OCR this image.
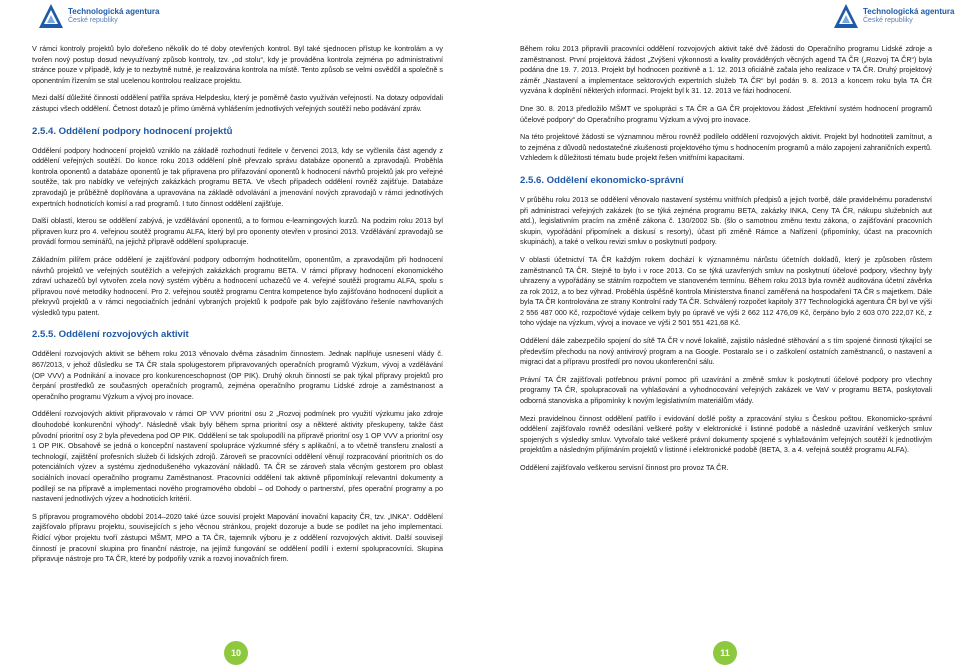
Technologická agentura
České republiky
Technologická agentura
České republiky

V rámci kontroly projektů bylo dořešeno několik do té doby otevřených kontrol. Byl také sjednocen přístup ke kontrolám a vy tvořen nový postup dosud nevyužívaný způsob kontroly, tzv. „od stolu“, kdy je prováděna kontrola zejména po administrativní stránce pouze v případě, kdy je to nezbytně nutné, je realizována kontrola na místě. Tento způsob se velmi osvědčil a společně s oponentním řízením se stal ucelenou kontrolou realizace projektu.

Mezi další důležité činnosti oddělení patřila správa Helpdesku, který je poměrně často využíván veřejností. Na dotazy odpovídali zástupci všech oddělení. Četnost dotazů je přímo úměrná vyhlášením jednotlivých veřejných soutěží nebo podávání zpráv.

2.5.4. Oddělení podpory hodnocení projektů

Oddělení podpory hodnocení projektů vzniklo na základě rozhodnutí ředitele v červenci 2013, kdy se vyčlenila část agendy z oddělení veřejných soutěží. Do konce roku 2013 oddělení plně převzalo správu databáze oponentů a zpravodajů. Proběhla kontrola oponentů a databáze oponentů je tak připravena pro přiřazování oponentů k hodnocení návrhů projektů jak pro veřejné soutěže, tak pro nabídky ve veřejných zakázkách programu BETA. Ve všech případech oddělení rovněž zajišťuje. Databáze zpravodajů je průběžně doplňována a upravována na základě odvolávání a jmenování nových zpravodajů v rámci jednotlivých expertních hodnoticích komisí a rad programů. I tuto činnost oddělení zajišťuje.

Další oblastí, kterou se oddělení zabývá, je vzdělávání oponentů, a to formou e-learningových kurzů. Na podzim roku 2013 byl připraven kurz pro 4. veřejnou soutěž programu ALFA, který byl pro oponenty otevřen v prosinci 2013. Vzdělávání zpravodajů se provádí formou seminářů, na jejichž přípravě oddělení spolupracuje.

Základním pilířem práce oddělení je zajišťování podpory odborným hodnotitelům, oponentům, a zpravodajům při hodnocení návrhů projektů ve veřejných soutěžích a veřejných zakázkách programu BETA. V rámci přípravy hodnocení ekonomického zdraví uchazečů byl vytvořen zcela nový systém výběru a hodnocení uchazečů ve 4. veřejné soutěži programu ALFA, spolu s přípravou nové metodiky hodnocení. Pro 2. veřejnou soutěž programu Centra kompetence bylo zajišťováno hodnocení duplicit a překryvů projektů a v rámci negociačních jednání vybraných projektů k podpoře pak bylo zajišťováno řešeníe navrhovaných výsledků typu patent.

2.5.5. Oddělení rozvojových aktivit

Oddělení rozvojových aktivit se během roku 2013 věnovalo dvěma zásadním činnostem. Jednak naplňuje usnesení vlády č. 867/2013, v jehož důsledku se TA ČR stala spolugestorem připravovaných operačních programů Výzkum, vývoj a vzdělávání (OP VVV) a Podnikání a inovace pro konkurenceschopnost (OP PIK). Druhý okruh činností se pak týkal přípravy projektů pro čerpání prostředků ze současných operačních programů, zejména operačního programu Lidské zdroje a zaměstnanost a operačního programu Výzkum a vývoj pro inovace.

Oddělení rozvojových aktivit připravovalo v rámci OP VVV prioritní osu 2 „Rozvoj podmínek pro využití výzkumu jako zdroje dlouhodobé konkurenční výhody“. Následně však byly během sprna prioritní osy a některé aktivity přeskupeny, takže část původní prioritní osy 2 byla převedena pod OP PIK. Oddělení se tak spolupodílí na přípravě prioritní osy 1 OP VVV a prioritní osy 1 OP PIK. Obsahově se jedná o koncepční nastavení spolupráce výzkumné sféry s aplikační, a to včetně transferu znalostí a technologií, zajištění profesních služeb či lidských zdrojů. Zároveň se pracovníci oddělení věnují rozpracování prioritních os do potenciálních výzev a systému zjednodušeného vykazování nákladů. TA ČR se zároveň stala věcným gestorem pro oblast sociálních inovací operačního programu Zaměstnanost. Pracovníci oddělení tak aktivně připomínkují relevantní dokumenty a podílejí se na přípravě a implementaci nového programového období – od Dohody o partnerství, přes operační programy a po nastavení jednotlivých výzev a hodnoticích kritérií.

S přípravou programového období 2014–2020 také úzce souvisí projekt Mapování inovační kapacity ČR, tzv. „INKA“. Oddělení zajišťovalo přípravu projektu, souvisejících s jeho věcnou stránkou, projekt dozoruje a bude se podílet na jeho implementaci. Řídící výbor projektu tvoří zástupci MŠMT, MPO a TA ČR, tajemník výboru je z oddělení rozvojových aktivit. Další souvisejí činností je pracovní skupina pro finanční nástroje, na jejímž fungování se oddělení podílí i externí spolupracovníci. Skupina připravuje nástroje pro TA ČR, které by podpořily vznik a rozvoj inovačních firem.

Během roku 2013 připravili pracovníci oddělení rozvojových aktivit také dvě žádosti do Operačního programu Lidské zdroje a zaměstnanost. První projektová žádost „Zvýšení výkonnosti a kvality prováděných věcných agend TA ČR („Rozvoj TA ČR“) byla podána dne 19. 7. 2013. Projekt byl hodnocen pozitivně a 1. 12. 2013 oficiálně začala jeho realizace v TA ČR. Druhý projektový záměr „Nastavení a implementace sektorových expertních služeb TA ČR“ byl podán 9. 8. 2013 a koncem roku byla TA ČR vyzvána k doplnění některých informací. Projekt byl k 31. 12. 2013 ve fázi hodnocení.

Dne 30. 8. 2013 předložilo MŠMT ve spolupráci s TA ČR a GA ČR projektovou žádost „Efektivní systém hodnocení programů účelové podpory“ do Operačního programu Výzkum a vývoj pro inovace.

Na této projektové žádosti se významnou měrou rovněž podílelo oddělení rozvojových aktivit. Projekt byl hodnotiteli zamítnut, a to zejména z důvodů nedostatečné zkušenosti projektového týmu s hodnocením programů a málo zapojení zahraničních expertů. Vzhledem k důležitosti tématu bude projekt řešen vnitřními kapacitami.

2.5.6. Oddělení ekonomicko-správní

V průběhu roku 2013 se oddělení věnovalo nastavení systému vnitřních předpisů a jejich tvorbě, dále pravidelnému poradenství při administraci veřejných zakázek (to se týká zejména programu BETA, zakázky INKA, Ceny TA ČR, nákupu služebních aut atd.), legislativním pracím na změně zákona č. 130/2002 Sb. (šlo o samotnou změnu textu zákona, o zajišťování pracovních skupin, vypořádání připomínek a diskusí s resorty), účast při změně Rámce a Nařízení (připomínky, účast na pracovních skupinách), a také o velkou revizi smluv o poskytnutí podpory.

V oblasti účetnictví TA ČR každým rokem dochází k významnému nárůstu účetních dokladů, který je způsoben růstem zaměstnanců TA ČR. Stejně to bylo i v roce 2013. Co se týká uzavřených smluv na poskytnutí účelové podpory, všechny byly uhrazeny a vypořádány se státním rozpočtem ve stanoveném termínu. Během roku 2013 byla rovněž auditována účetní závěrka za rok 2012, a to bez výhrad. Proběhla úspěšně kontrola Ministerstva financí zaměřená na hospodaření TA ČR s majetkem. Dále byla TA ČR kontrolována ze strany Kontrolní rady TA ČR. Schválený rozpočet kapitoly 377 Technologická agentura ČR byl ve výši 2 556 487 000 Kč, rozpočtové výdaje celkem byly po úpravě ve výši 2 662 112 476,09 Kč, čerpáno bylo 2 603 070 222,07 Kč, z toho výdaje na výzkum, vývoj a inovace ve výši 2 501 551 421,68 Kč.

Oddělení dále zabezpečilo spojení do sítě TA ČR v nové lokalitě, zajistilo následné stěhování a s tím spojené činnosti týkající se především přechodu na nový antivirový program a na Google. Postaralo se i o zaškolení ostatních zaměstnanců, o nastavení a migraci dat a přípravu prostředí pro novou ukonferenční sálu.

Právní TA ČR zajišťovali potřebnou právní pomoc při uzavírání a změně smluv k poskytnutí účelové podpory pro všechny programy TA ČR, spolupracovali na vyhlašování a vyhodnocování veřejných zakázek ve VaV v programu BETA, poskytovali odborná stanoviska a připomínky k novým legislativním materiálům vlády.

Mezi pravidelnou činnost oddělení patřilo i evidování došlé pošty a zpracování styku s Českou poštou. Ekonomicko-správní oddělení zajišťovalo rovněž odesílání veškeré pošty v elektronické i listinné podobě a následně uzavírání veškerých smluv spojených s výsledky smluv. Vytvořalo také veškeré právní dokumenty spojené s vyhlašováním veřejných soutěží k jednotlivým projektům a následným přijímáním projektů v listinné i elektronické podobě (BETA, 3. a 4. veřejná soutěž programu ALFA).

Oddělení zajišťovalo veškerou servisní činnost pro provoz TA ČR.

10	11
